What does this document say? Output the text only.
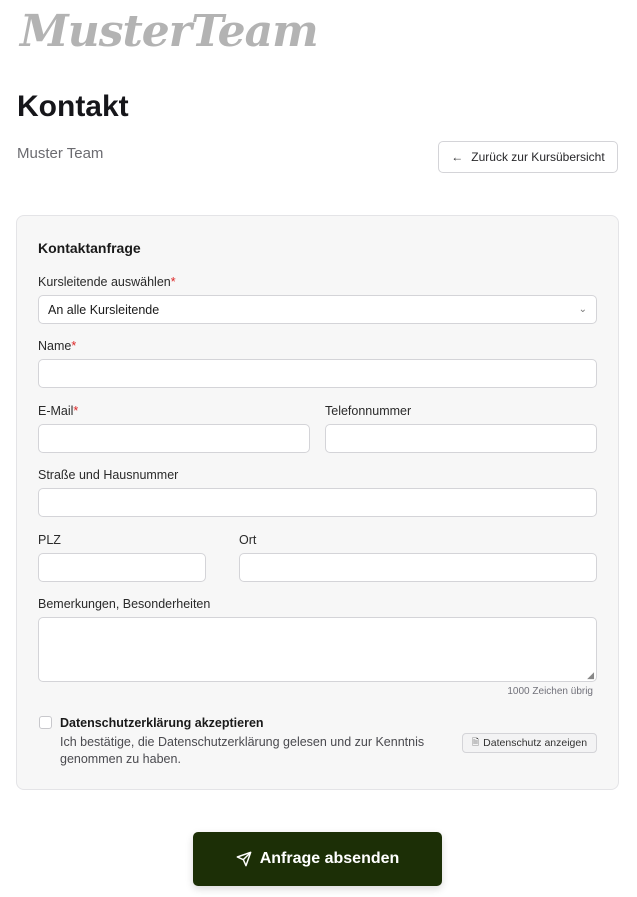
MusterTeam
Kontakt
Muster Team	← Zurück zur Kursübersicht
Kontaktanfrage
Kursleitende auswählen*
An alle Kursleitende	⌄
Name*
E-Mail*	Telefonnummer
Straße und Hausnummer
PLZ	Ort
Bemerkungen, Besonderheiten
◢
1000 Zeichen übrig
Datenschutzerklärung akzeptieren
Ich bestätige, die Datenschutzerklärung gelesen und zur Kenntnis genommen zu haben.
🗎 Datenschutz anzeigen
Anfrage absenden
